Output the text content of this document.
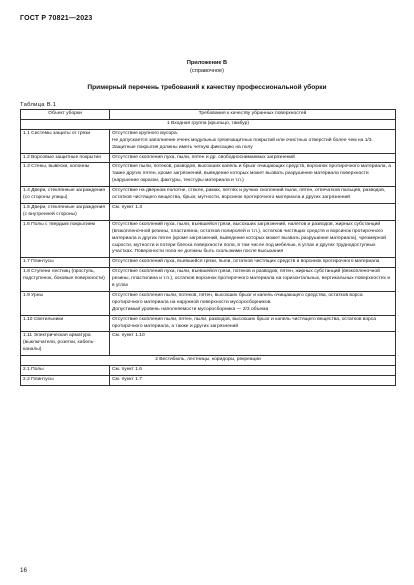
ГОСТ Р 70821—2023
Приложение В
(справочное)
Примерный перечень требований к качеству профессиональной уборки
Таблица В.1
Объект уборки	Требования к качеству убранных поверхностей
1 Входная группа (крыльцо, тамбур)	
1.1 Системы защиты от грязи	Отсутствие крупного мусора.
Не допускается заполнение ячеек модульных грязезащитных покрытий или очистных отверстий более чем на 1/3.
Защитные покрытия должны иметь четкую фиксацию на полу

1.2 Ворсовые защитные покрытия	Отсутствие скопления пуха, пыли, пятен и др. свободноснимаемых загрязнений

1.3 Стены, вывески, колонны	Отсутствие пыли, потеков, разводов, высохших капель и брызг очищающих средств, ворсинок протирочного материала, а также других пятен, кроме загрязнений, выведение которых может вызвать разрушение материала поверхности (нарушение окраски, фактуры, текстуры материала и т.п.)

1.4 Двери, стеклянные заграждения (со стороны улицы)	Отсутствие на дверном полотне, стекле, рамах, петлях и ручках скоплений пыли, пятен, отпечатков пальцев, разводов, остатков чистящего вещества, брызг, мутности, ворсинок протирочного материала и других загрязнений

1.5 Двери, стеклянные заграждения (с внутренней стороны)	См. пункт 1.3

1.6 Полы с твердым покрытием	Отсутствие скоплений пуха, пыли, въевшейся грязи, высохших загрязнений, налетов и разводов, жирных субстанций (вязкопленочной резины, пластилина, остатков полиролей и т.п.), остатков чистящих средств и ворсинок протирочного материала и других пятен (кроме загрязнений, выведение которых может вызвать разрушение материала), чрезмерной сырости, мутности и потери блеска поверхности пола, в том числе под мебелью, в углах и других труднодоступных участках. Поверхности пола не должны быть скользкими после высыхания

1.7 Плинтусы	Отсутствие скоплений пуха, въевшейся грязи, пыли, остатков чистящих средств и ворсинок протирочного материала

1.8 Ступени лестниц (проступь, подступенок, боковые поверхности)	Отсутствие скоплений пуха, пыли, въевшейся грязи, потеков и разводов, пятен, жирных субстанций (вязкопленочной резины, пластилина и т.п.), остатков ворсинок протирочного материала на горизонтальных, вертикальных поверхностях и в углах

1.9 Урны	Отсутствие скопления пыли, потеков, пятен, высохших брызг и капель очищающего средства, остатков ворса протирочного материала на наружной поверхности мусоросборников.
Допустимый уровень наполняемости мусоросборника — 2/3 объема

1.10 Светильники	Отсутствие скопления пыли, пятен, пыли, разводов, высохших брызг и капель чистящего вещества, остатков ворса протирочного материала, а также и других загрязнений

1.11 Электрическая арматура (выключатели, розетки, кабель-каналы)	См. пункт 1.10

2 Вестибюль, лестницы, коридоры, рекреации	
2.1 Полы	См. пункт 1.6

2.2 Плинтусы	См. пункт 1.7
16
